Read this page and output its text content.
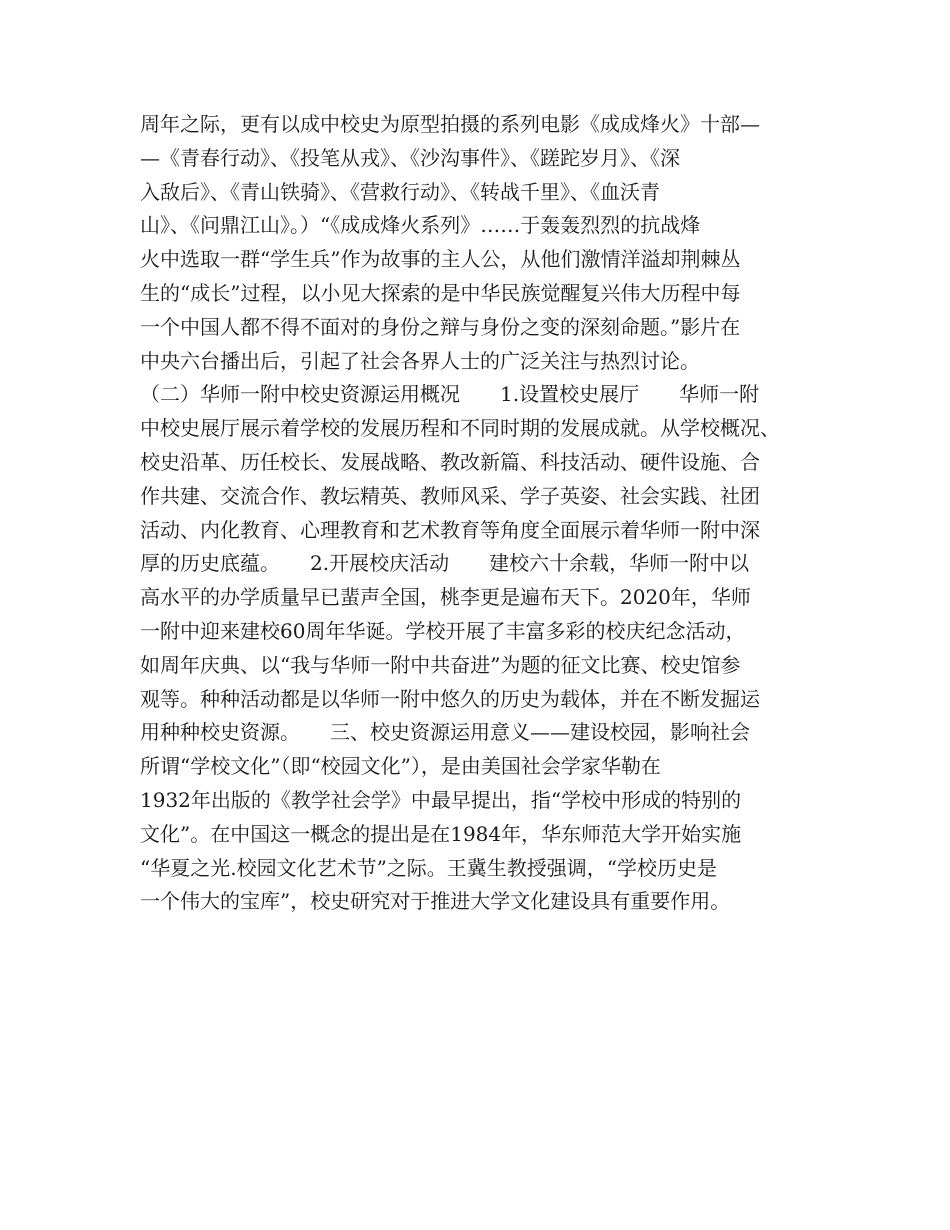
周年之际，更有以成中校史为原型拍摄的系列电影《成成烽火》十部—
—《青春行动》、《投笔从戎》、《沙沟事件》、《蹉跎岁月》、《深
入敌后》、《青山铁骑》、《营救行动》、《转战千里》、《血沃青
山》、《问鼎江山》。）“《成成烽火系列》……于轰轰烈烈的抗战烽
火中选取一群“学生兵”作为故事的主人公，从他们激情洋溢却荆棘丛
生的“成长”过程，以小见大探索的是中华民族觉醒复兴伟大历程中每
一个中国人都不得不面对的身份之辩与身份之变的深刻命题。”影片在
中央六台播出后，引起了社会各界人士的广泛关注与热烈讨论。
（二）华师一附中校史资源运用概况　　1.设置校史展厅　　华师一附
中校史展厅展示着学校的发展历程和不同时期的发展成就。从学校概况、
校史沿革、历任校长、发展战略、教改新篇、科技活动、硬件设施、合
作共建、交流合作、教坛精英、教师风采、学子英姿、社会实践、社团
活动、内化教育、心理教育和艺术教育等角度全面展示着华师一附中深
厚的历史底蕴。　　2.开展校庆活动　　建校六十余载，华师一附中以
高水平的办学质量早已蜚声全国，桃李更是遍布天下。2020年，华师
一附中迎来建校60周年华诞。学校开展了丰富多彩的校庆纪念活动，
如周年庆典、以“我与华师一附中共奋进”为题的征文比赛、校史馆参
观等。种种活动都是以华师一附中悠久的历史为载体，并在不断发掘运
用种种校史资源。　　三、校史资源运用意义——建设校园，影响社会
所谓“学校文化”（即“校园文化”），是由美国社会学家华勒在
1932年出版的《教学社会学》中最早提出，指“学校中形成的特别的
文化”。在中国这一概念的提出是在1984年，华东师范大学开始实施
“华夏之光.校园文化艺术节”之际。王冀生教授强调，“学校历史是
一个伟大的宝库”，校史研究对于推进大学文化建设具有重要作用。
